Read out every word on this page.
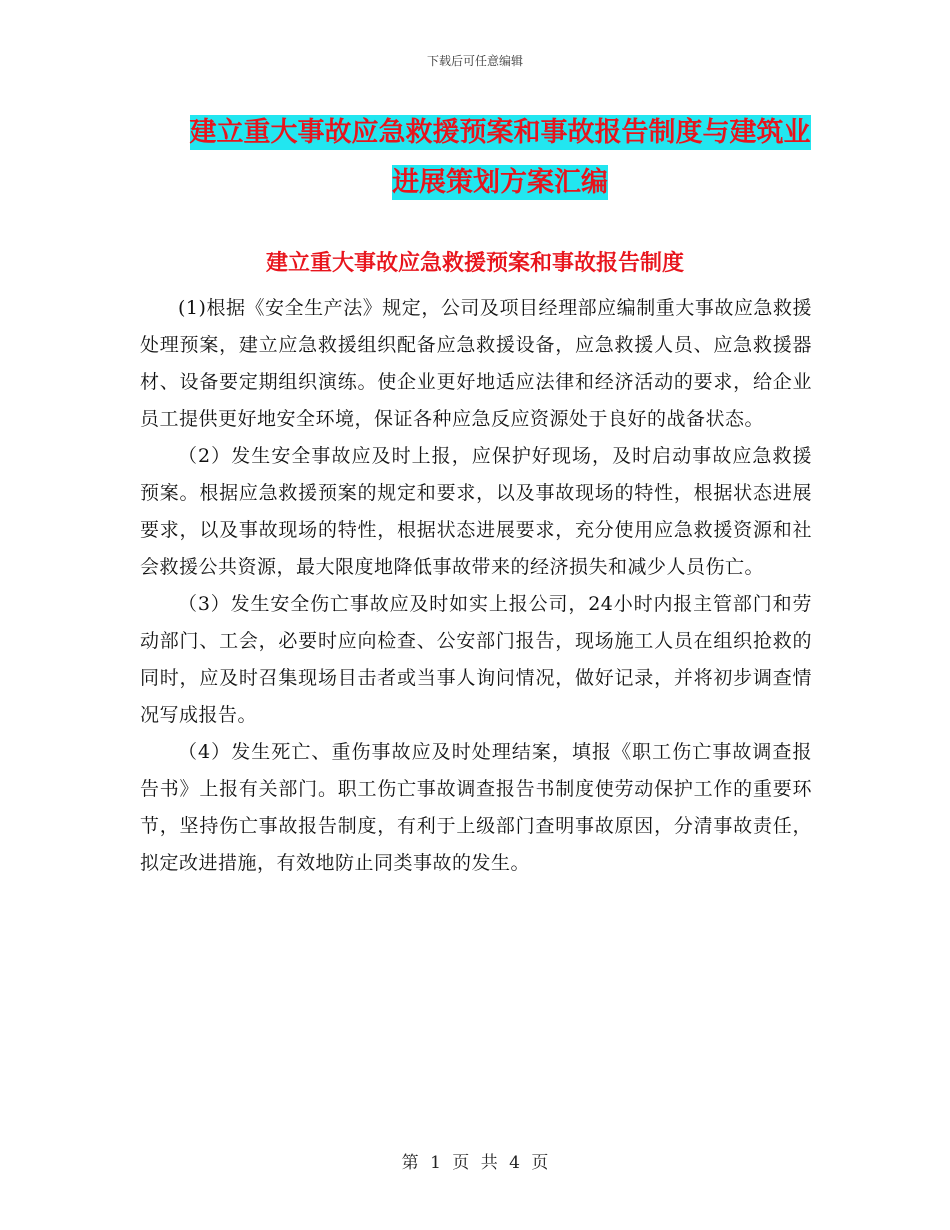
下载后可任意编辑
建立重大事故应急救援预案和事故报告制度与建筑业
进展策划方案汇编
建立重大事故应急救援预案和事故报告制度

(1)根据《安全生产法》规定，公司及项目经理部应编制重大事故应急救援处理预案，建立应急救援组织配备应急救援设备，应急救援人员、应急救援器材、设备要定期组织演练。使企业更好地适应法律和经济活动的要求，给企业员工提供更好地安全环境，保证各种应急反应资源处于良好的战备状态。

（2）发生安全事故应及时上报，应保护好现场，及时启动事故应急救援预案。根据应急救援预案的规定和要求，以及事故现场的特性，根据状态进展要求，以及事故现场的特性，根据状态进展要求，充分使用应急救援资源和社会救援公共资源，最大限度地降低事故带来的经济损失和减少人员伤亡。

（3）发生安全伤亡事故应及时如实上报公司，24小时内报主管部门和劳动部门、工会，必要时应向检查、公安部门报告，现场施工人员在组织抢救的同时，应及时召集现场目击者或当事人询问情况，做好记录，并将初步调查情况写成报告。

（4）发生死亡、重伤事故应及时处理结案，填报《职工伤亡事故调查报告书》上报有关部门。职工伤亡事故调查报告书制度使劳动保护工作的重要环节，坚持伤亡事故报告制度，有利于上级部门查明事故原因，分清事故责任，拟定改进措施，有效地防止同类事故的发生。

第 1 页 共 4 页
